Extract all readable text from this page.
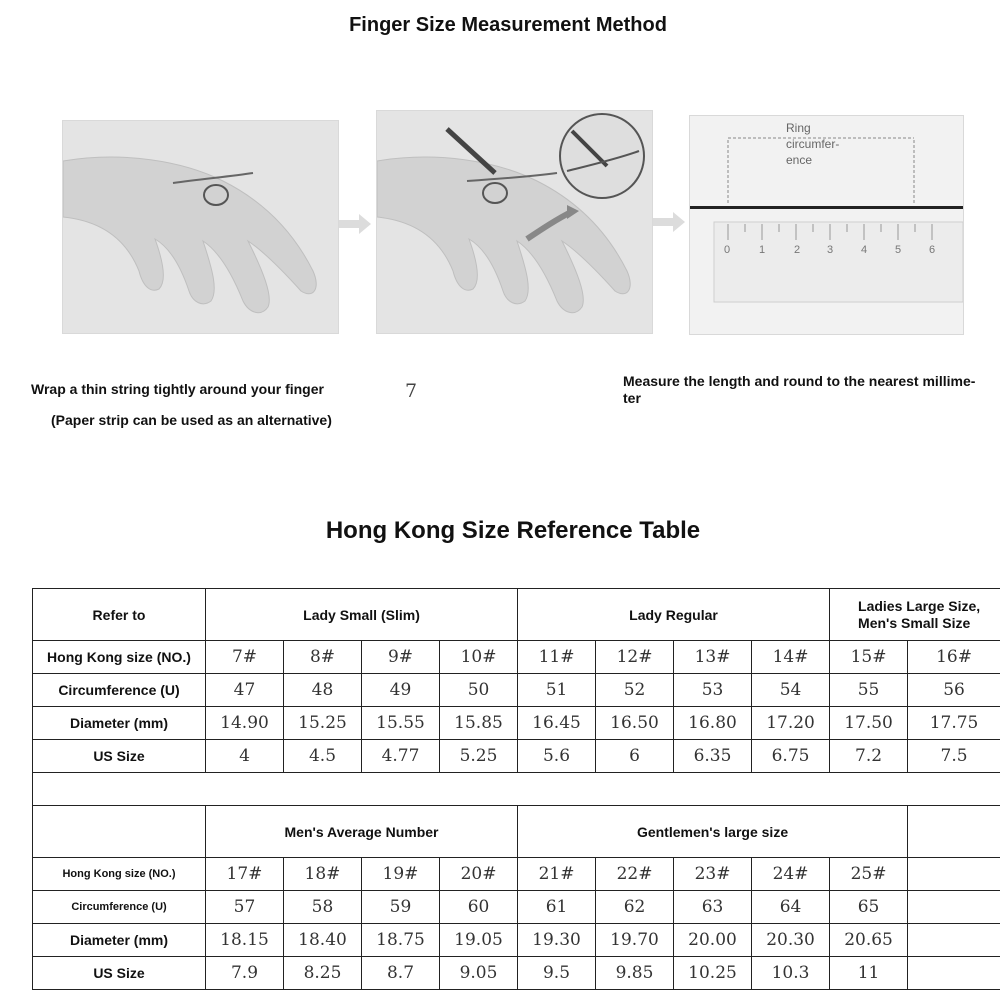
Finger Size Measurement Method
Ring circumfer-ence
0	1	2 3	4	5	6
Wrap a thin string tightly around your finger
(Paper strip can be used as an alternative)
7	Measure the length and round to the nearest millime-ter
Hong Kong Size Reference Table
Refer to	Lady Small (Slim)				Lady Regular				Ladies Large Size, Men's Small Size	
Hong Kong size (NO.)	7#	8#	9#	10#	11#	12#	13#	14#	15#	16#
Circumference (U)	47	48	49	50	51	52	53	54	55	56
Diameter (mm)	14.90	15.25	15.55	15.85	16.45	16.50	16.80	17.20	17.50	17.75
US Size	4	4.5	4.77	5.25	5.6	6	6.35	6.75	7.2	7.5

	Men's Average Number				Gentlemen's large size					
Hong Kong size (NO.)	17#	18#	19#	20#	21#	22#	23#	24#	25#	
Circumference (U)	57	58	59	60	61	62	63	64	65	
Diameter (mm)	18.15	18.40	18.75	19.05	19.30	19.70	20.00	20.30	20.65	
US Size	7.9	8.25	8.7	9.05	9.5	9.85	10.25	10.3	11	
